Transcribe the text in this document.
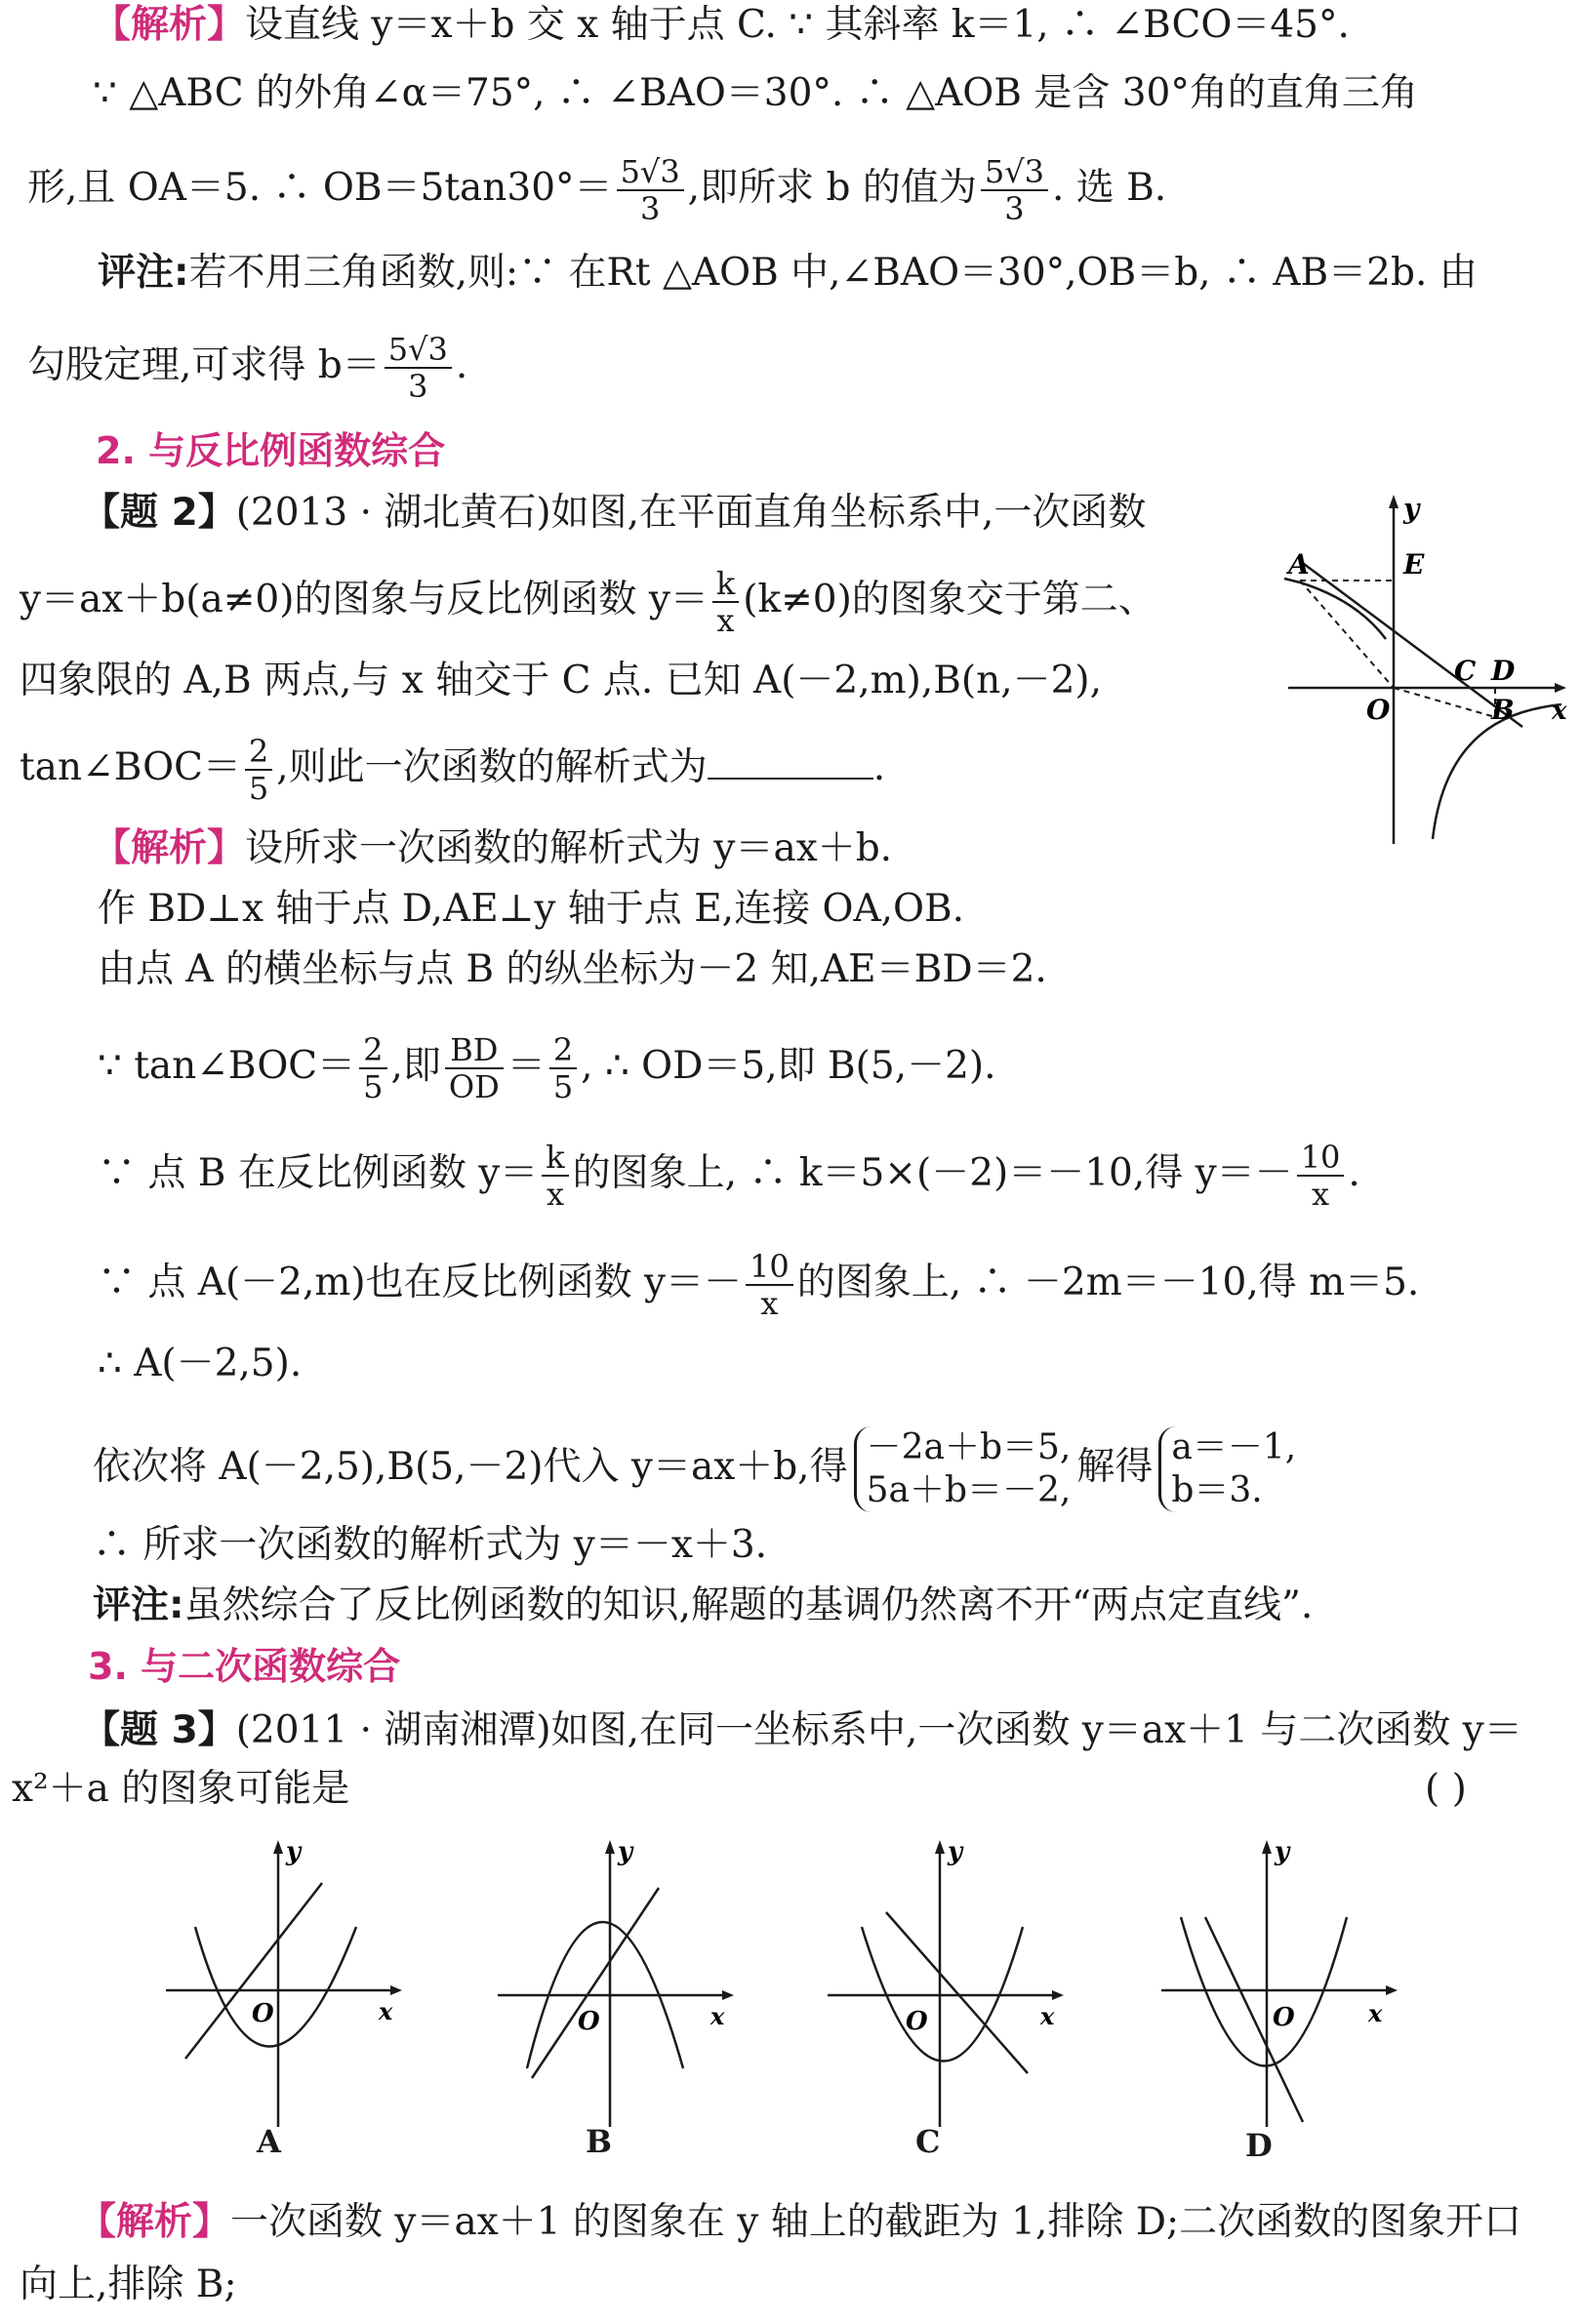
【解析】设直线 y＝x＋b 交 x 轴于点 C. ∵ 其斜率 k＝1, ∴ ∠BCO＝45°.
∵ △ABC 的外角∠α＝75°, ∴ ∠BAO＝30°. ∴ △AOB 是含 30°角的直角三角
形,且 OA＝5. ∴ $OB=5\tan 30^\circ= \frac{5√3}{3}$ ,即所求 b 的值为 $\frac{5√3}{3}$ . 选 B.
评注:若不用三角函数,则:∵ 在Rt △AOB 中,∠BAO＝30°,OB＝b, ∴ AB＝2b. 由
勾股定理,可求得 $b= \frac{5√3}{3}$ .
2. 与反比例函数综合
【题 2】(2013 · 湖北黄石)如图,在平面直角坐标系中,一次函数
y＝ax＋b(a≠0)的图象与反比例函数 $y= \frac{k}{x} (k\ne 0)$的图象交于第二、
四象限的 A,B 两点,与 x 轴交于 C 点. 已知 A(－2,m),B(n,－2),
tan∠BOC＝ $\frac{2}{5}$ ,则此一次函数的解析式为	.
y
x
O
A	E
C D
B
【解析】设所求一次函数的解析式为 y＝ax＋b.
作 BD⊥x 轴于点 D,AE⊥y 轴于点 E,连接 OA,OB.
由点 A 的横坐标与点 B 的纵坐标为－2 知,AE＝BD＝2.
∵ tan∠BOC＝ $\frac{2}{5}$ ,即 $\frac{BD}{OD} = \frac{2}{5}$ , ∴ OD＝5,即 B(5,－2).
∵ 点 B 在反比例函数 $y= \frac{k}{x}$ 的图象上, ∴ k＝5×(－2)＝－10,得 $y=- \frac{10}{x}$ .
∵ 点 A(－2,m)也在反比例函数 $y=- \frac{10}{x}$ 的图象上, ∴ －2m＝－10,得 m＝5.
∴ A(－2,5).
依次将 A(－2,5),B(5,－2)代入 y＝ax＋b,得 －2a＋b＝5,
5a＋b＝－2,
解得 a＝－1,
b＝3.
∴ 所求一次函数的解析式为 y＝－x＋3.
评注:虽然综合了反比例函数的知识,解题的基调仍然离不开“两点定直线”.
3. 与二次函数综合
【题 3】(2011 · 湖南湘潭)如图,在同一坐标系中,一次函数 y＝ax＋1 与二次函数 y＝
x²＋a 的图象可能是	( )
y
x
O
A
y
x
O
B
y
x
O
C
y
x
O
D
【解析】一次函数 y＝ax＋1 的图象在 y 轴上的截距为 1,排除 D;二次函数的图象开口
向上,排除 B;
